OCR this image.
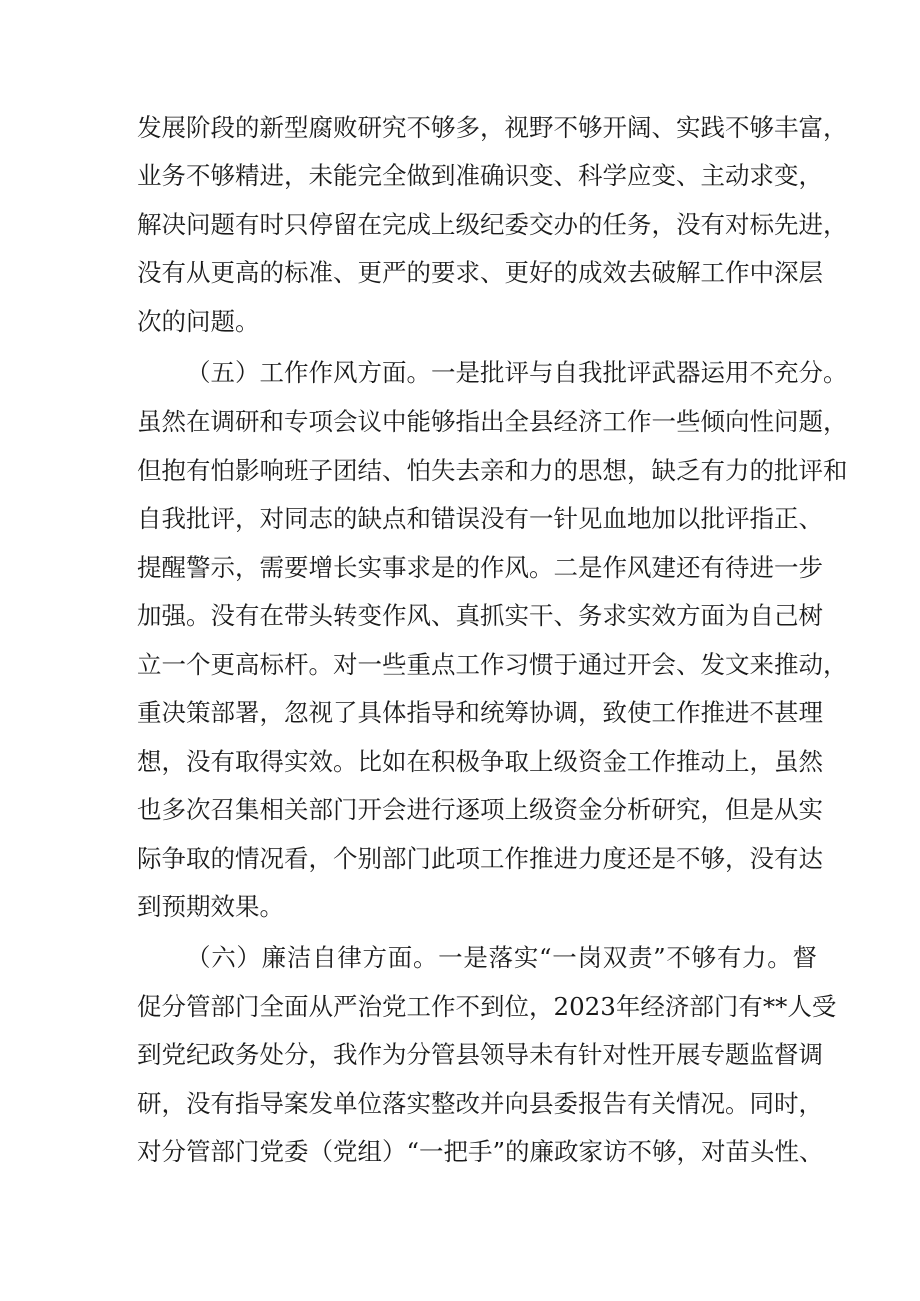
发展阶段的新型腐败研究不够多，视野不够开阔、实践不够丰富，
业务不够精进，未能完全做到准确识变、科学应变、主动求变，
解决问题有时只停留在完成上级纪委交办的任务，没有对标先进，
没有从更高的标准、更严的要求、更好的成效去破解工作中深层
次的问题。
（五）工作作风方面。一是批评与自我批评武器运用不充分。
虽然在调研和专项会议中能够指出全县经济工作一些倾向性问题，
但抱有怕影响班子团结、怕失去亲和力的思想，缺乏有力的批评和
自我批评，对同志的缺点和错误没有一针见血地加以批评指正、
提醒警示，需要增长实事求是的作风。二是作风建还有待进一步
加强。没有在带头转变作风、真抓实干、务求实效方面为自己树
立一个更高标杆。对一些重点工作习惯于通过开会、发文来推动，
重决策部署，忽视了具体指导和统筹协调，致使工作推进不甚理
想，没有取得实效。比如在积极争取上级资金工作推动上，虽然
也多次召集相关部门开会进行逐项上级资金分析研究，但是从实
际争取的情况看，个别部门此项工作推进力度还是不够，没有达
到预期效果。
（六）廉洁自律方面。一是落实“一岗双责”不够有力。督
促分管部门全面从严治党工作不到位，2023年经济部门有**人受
到党纪政务处分，我作为分管县领导未有针对性开展专题监督调
研，没有指导案发单位落实整改并向县委报告有关情况。同时，
对分管部门党委（党组）“一把手”的廉政家访不够，对苗头性、
